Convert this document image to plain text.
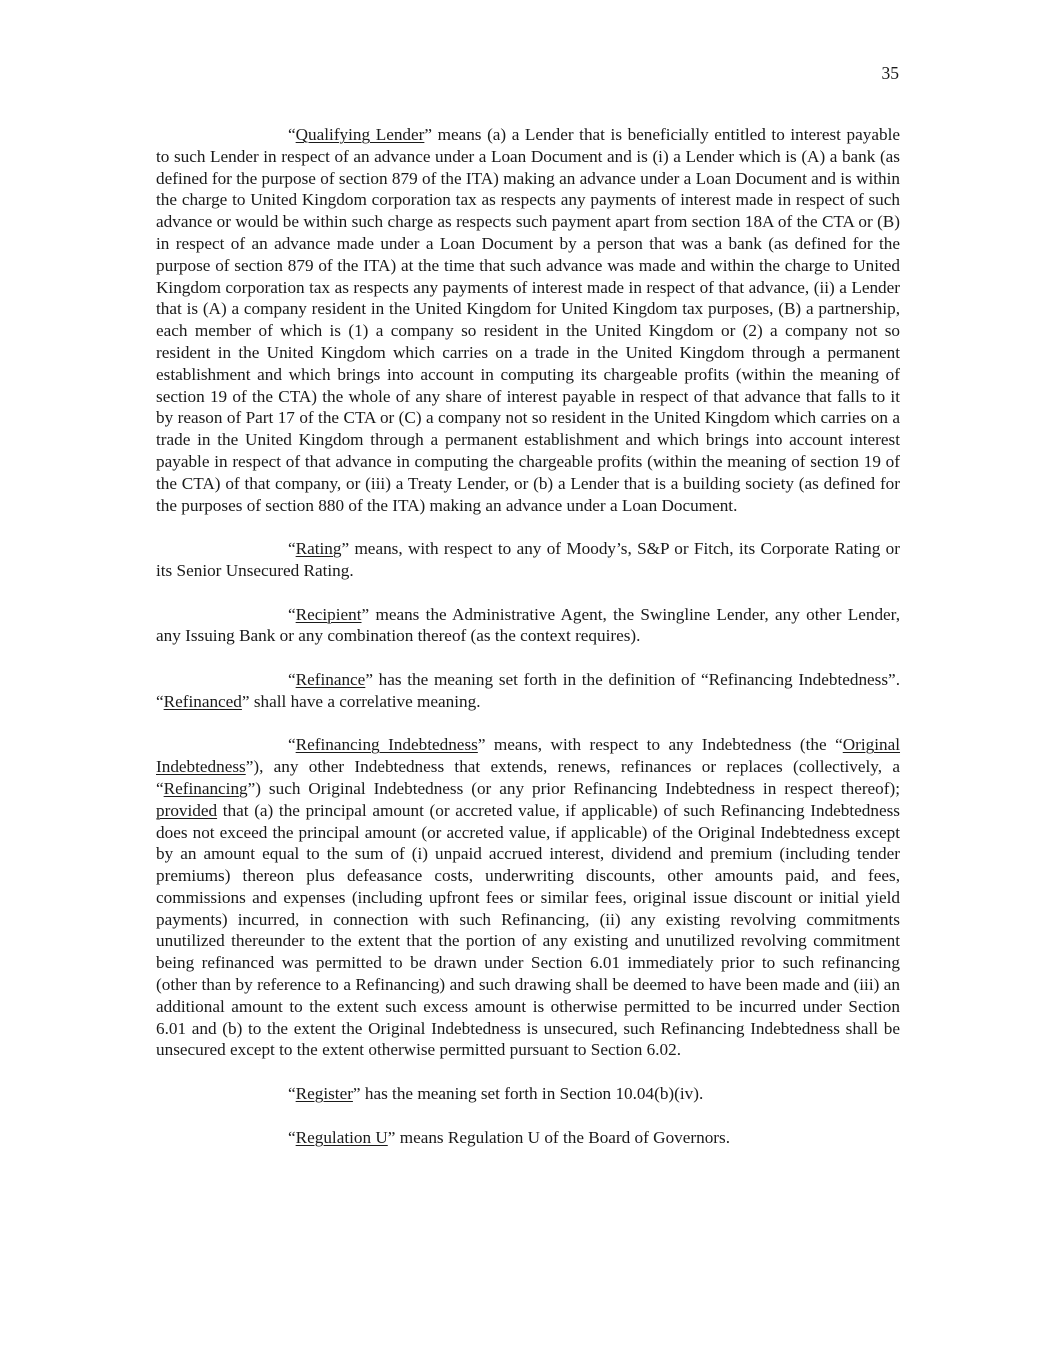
35

“Qualifying Lender” means (a) a Lender that is beneficially entitled to interest payable to such Lender in respect of an advance under a Loan Document and is (i) a Lender which is (A) a bank (as defined for the purpose of section 879 of the ITA) making an advance under a Loan Document and is within the charge to United Kingdom corporation tax as respects any payments of interest made in respect of such advance or would be within such charge as respects such payment apart from section 18A of the CTA or (B) in respect of an advance made under a Loan Document by a person that was a bank (as defined for the purpose of section 879 of the ITA) at the time that such advance was made and within the charge to United Kingdom corporation tax as respects any payments of interest made in respect of that advance, (ii) a Lender that is (A) a company resident in the United Kingdom for United Kingdom tax purposes, (B) a partnership, each member of which is (1) a company so resident in the United Kingdom or (2) a company not so resident in the United Kingdom which carries on a trade in the United Kingdom through a permanent establishment and which brings into account in computing its chargeable profits (within the meaning of section 19 of the CTA) the whole of any share of interest payable in respect of that advance that falls to it by reason of Part 17 of the CTA or (C) a company not so resident in the United Kingdom which carries on a trade in the United Kingdom through a permanent establishment and which brings into account interest payable in respect of that advance in computing the chargeable profits (within the meaning of section 19 of the CTA) of that company, or (iii) a Treaty Lender, or (b) a Lender that is a building society (as defined for the purposes of section 880 of the ITA) making an advance under a Loan Document.

“Rating” means, with respect to any of Moody’s, S&P or Fitch, its Corporate Rating or its Senior Unsecured Rating.

“Recipient” means the Administrative Agent, the Swingline Lender, any other Lender, any Issuing Bank or any combination thereof (as the context requires).

“Refinance” has the meaning set forth in the definition of “Refinancing Indebtedness”. “Refinanced” shall have a correlative meaning.

“Refinancing Indebtedness” means, with respect to any Indebtedness (the “Original Indebtedness”), any other Indebtedness that extends, renews, refinances or replaces (collectively, a “Refinancing”) such Original Indebtedness (or any prior Refinancing Indebtedness in respect thereof); provided that (a) the principal amount (or accreted value, if applicable) of such Refinancing Indebtedness does not exceed the principal amount (or accreted value, if applicable) of the Original Indebtedness except by an amount equal to the sum of (i) unpaid accrued interest, dividend and premium (including tender premiums) thereon plus defeasance costs, underwriting discounts, other amounts paid, and fees, commissions and expenses (including upfront fees or similar fees, original issue discount or initial yield payments) incurred, in connection with such Refinancing, (ii) any existing revolving commitments unutilized thereunder to the extent that the portion of any existing and unutilized revolving commitment being refinanced was permitted to be drawn under Section 6.01 immediately prior to such refinancing (other than by reference to a Refinancing) and such drawing shall be deemed to have been made and (iii) an additional amount to the extent such excess amount is otherwise permitted to be incurred under Section 6.01 and (b) to the extent the Original Indebtedness is unsecured, such Refinancing Indebtedness shall be unsecured except to the extent otherwise permitted pursuant to Section 6.02.

“Register” has the meaning set forth in Section 10.04(b)(iv).

“Regulation U” means Regulation U of the Board of Governors.
